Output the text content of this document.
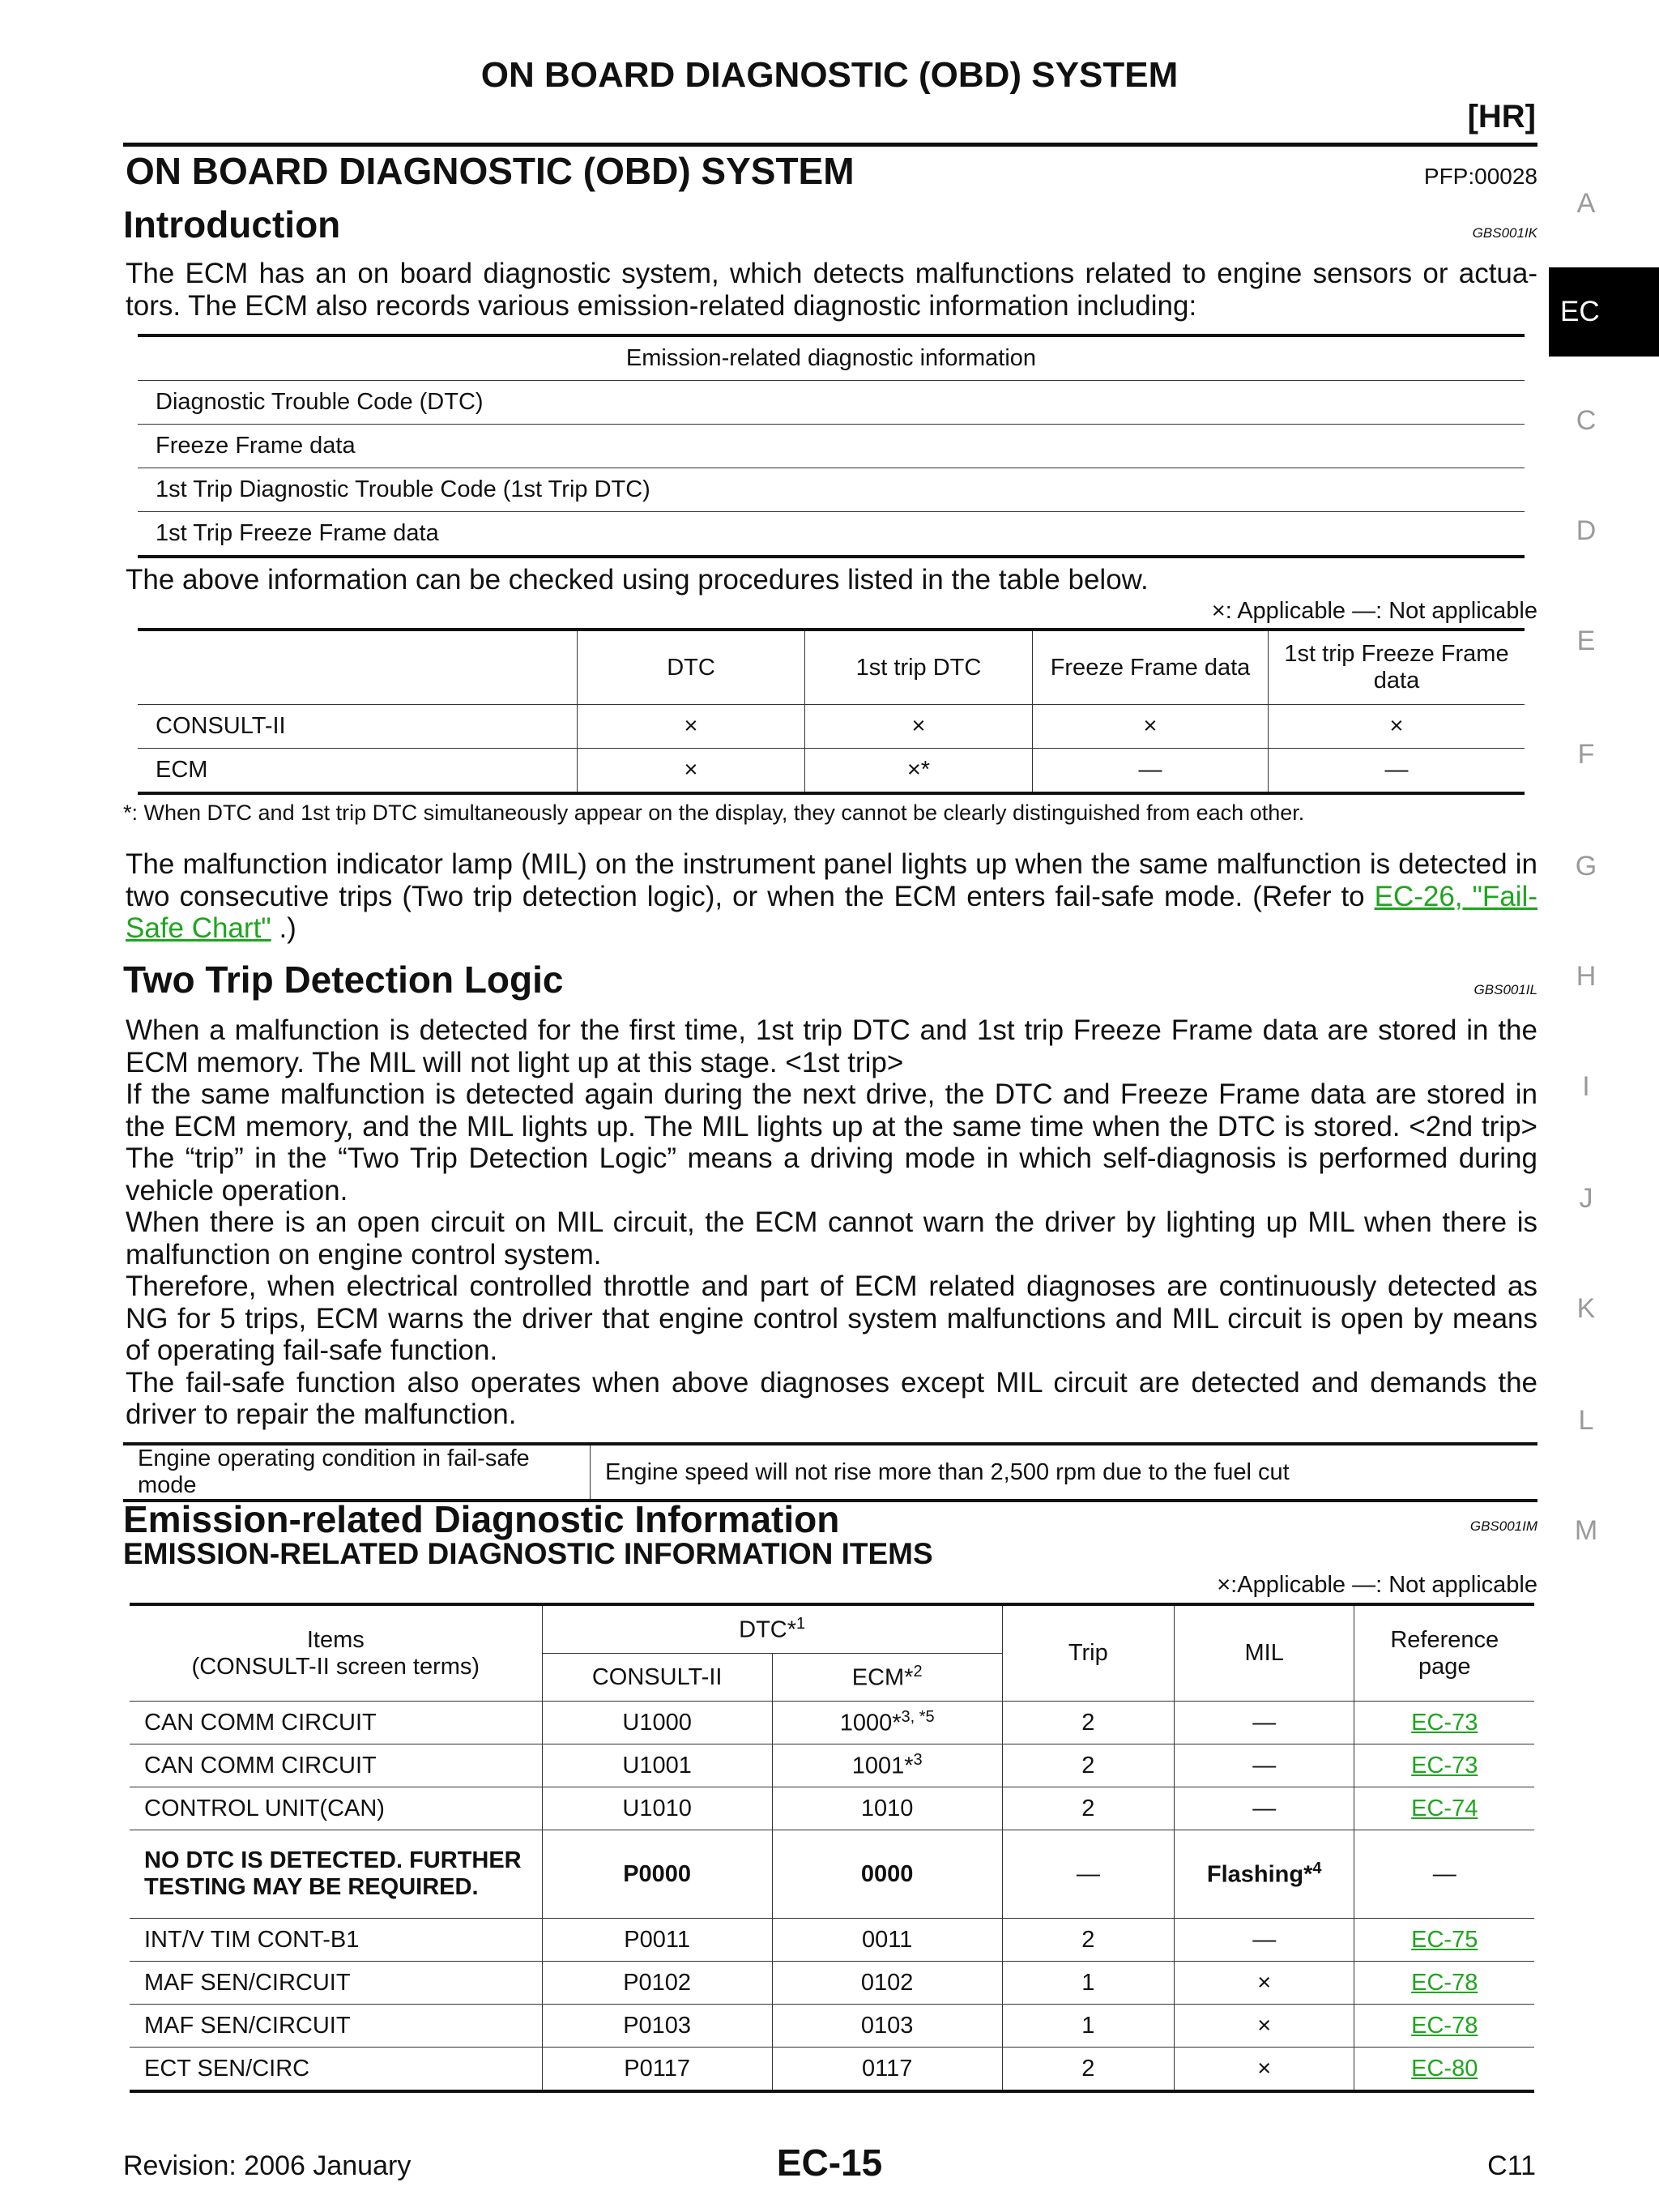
ON BOARD DIAGNOSTIC (OBD) SYSTEM
[HR]
ON BOARD DIAGNOSTIC (OBD) SYSTEM	PFP:00028
Introduction	GBS001IK
The ECM has an on board diagnostic system, which detects malfunctions related to engine sensors or actua-tors. The ECM also records various emission-related diagnostic information including:
Emission-related diagnostic information
Diagnostic Trouble Code (DTC)
Freeze Frame data
1st Trip Diagnostic Trouble Code (1st Trip DTC)
1st Trip Freeze Frame data
The above information can be checked using procedures listed in the table below.
×: Applicable —: Not applicable
	DTC	1st trip DTC	Freeze Frame data	1st trip Freeze Frame data
CONSULT-II	×	×	×	×
ECM	×	×*	—	—
*: When DTC and 1st trip DTC simultaneously appear on the display, they cannot be clearly distinguished from each other.
The malfunction indicator lamp (MIL) on the instrument panel lights up when the same malfunction is detected in two consecutive trips (Two trip detection logic), or when the ECM enters fail-safe mode. (Refer to EC-26, "Fail-Safe Chart" .)
Two Trip Detection Logic	GBS001IL

When a malfunction is detected for the first time, 1st trip DTC and 1st trip Freeze Frame data are stored in the ECM memory. The MIL will not light up at this stage. <1st trip>

If the same malfunction is detected again during the next drive, the DTC and Freeze Frame data are stored in the ECM memory, and the MIL lights up. The MIL lights up at the same time when the DTC is stored. <2nd trip> The “trip” in the “Two Trip Detection Logic” means a driving mode in which self-diagnosis is performed during vehicle operation.

When there is an open circuit on MIL circuit, the ECM cannot warn the driver by lighting up MIL when there is malfunction on engine control system.

Therefore, when electrical controlled throttle and part of ECM related diagnoses are continuously detected as NG for 5 trips, ECM warns the driver that engine control system malfunctions and MIL circuit is open by means of operating fail-safe function.

The fail-safe function also operates when above diagnoses except MIL circuit are detected and demands the driver to repair the malfunction.

Engine operating condition in fail-safe mode	Engine speed will not rise more than 2,500 rpm due to the fuel cut
Emission-related Diagnostic Information	GBS001IM
EMISSION-RELATED DIAGNOSTIC INFORMATION ITEMS
×:Applicable —: Not applicable
Items
(CONSULT-II screen terms)	DTC*$^1$		Trip	MIL	Reference page
	CONSULT-II	ECM*$^2$
CAN COMM CIRCUIT	U1000	1000*$^{3, *5}$	2	—	EC-73
CAN COMM CIRCUIT	U1001	1001*$^3$	2	—	EC-73
CONTROL UNIT(CAN)	U1010	1010	2	—	EC-74
NO DTC IS DETECTED. FURTHER TESTING MAY BE REQUIRED.	P0000	0000	—	Flashing*$^4$	—
INT/V TIM CONT-B1	P0011	0011	2	—	EC-75
MAF SEN/CIRCUIT	P0102	0102	1	×	EC-78
MAF SEN/CIRCUIT	P0103	0103	1	×	EC-78
ECT SEN/CIRC	P0117	0117	2	×	EC-80
A
C
D
E
F
G
H
I
J
K
L
M
EC
Revision: 2006 January	EC-15	C11
